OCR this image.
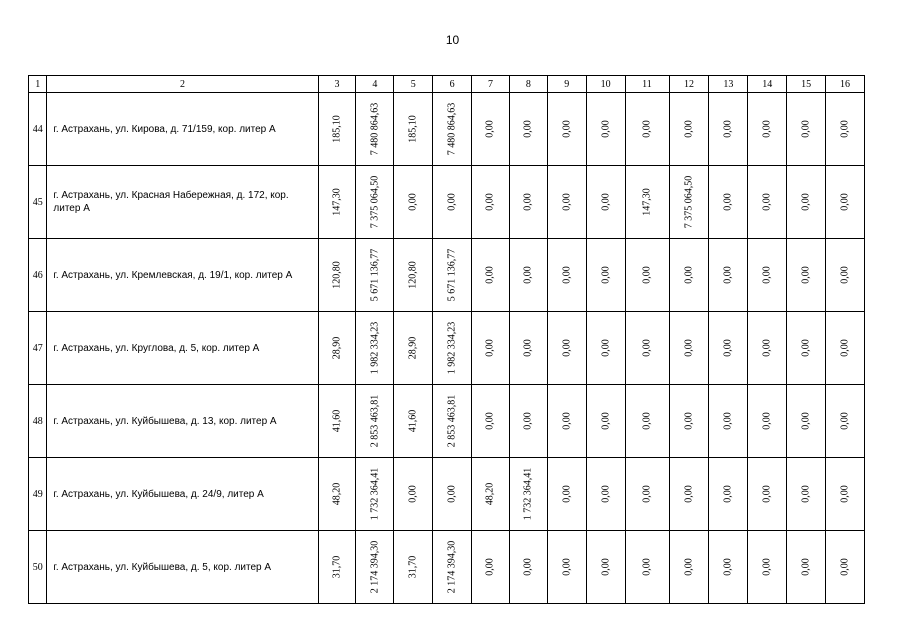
10
1	2	3	4	5	6	7	8	9	10	11	12	13	14	15	16
44	г. Астрахань, ул. Кирова, д. 71/159, кор. литер А	185,10	7 480 864,63	185,10	7 480 864,63	0,00	0,00	0,00	0,00	0,00	0,00	0,00	0,00	0,00	0,00

45	г. Астрахань, ул. Красная Набережная, д. 172, кор. литер А	147,30	7 375 064,50	0,00	0,00	0,00	0,00	0,00	0,00	147,30	7 375 064,50	0,00	0,00	0,00	0,00

46	г. Астрахань, ул. Кремлевская, д. 19/1, кор. литер А	120,80	5 671 136,77	120,80	5 671 136,77	0,00	0,00	0,00	0,00	0,00	0,00	0,00	0,00	0,00	0,00

47	г. Астрахань, ул. Круглова, д. 5, кор. литер А	28,90	1 982 334,23	28,90	1 982 334,23	0,00	0,00	0,00	0,00	0,00	0,00	0,00	0,00	0,00	0,00

48	г. Астрахань, ул. Куйбышева, д. 13, кор. литер А	41,60	2 853 463,81	41,60	2 853 463,81	0,00	0,00	0,00	0,00	0,00	0,00	0,00	0,00	0,00	0,00

49	г. Астрахань, ул. Куйбышева, д. 24/9, литер А	48,20	1 732 364,41	0,00	0,00	48,20	1 732 364,41	0,00	0,00	0,00	0,00	0,00	0,00	0,00	0,00

50	г. Астрахань, ул. Куйбышева, д. 5, кор. литер А	31,70	2 174 394,30	31,70	2 174 394,30	0,00	0,00	0,00	0,00	0,00	0,00	0,00	0,00	0,00	0,00
